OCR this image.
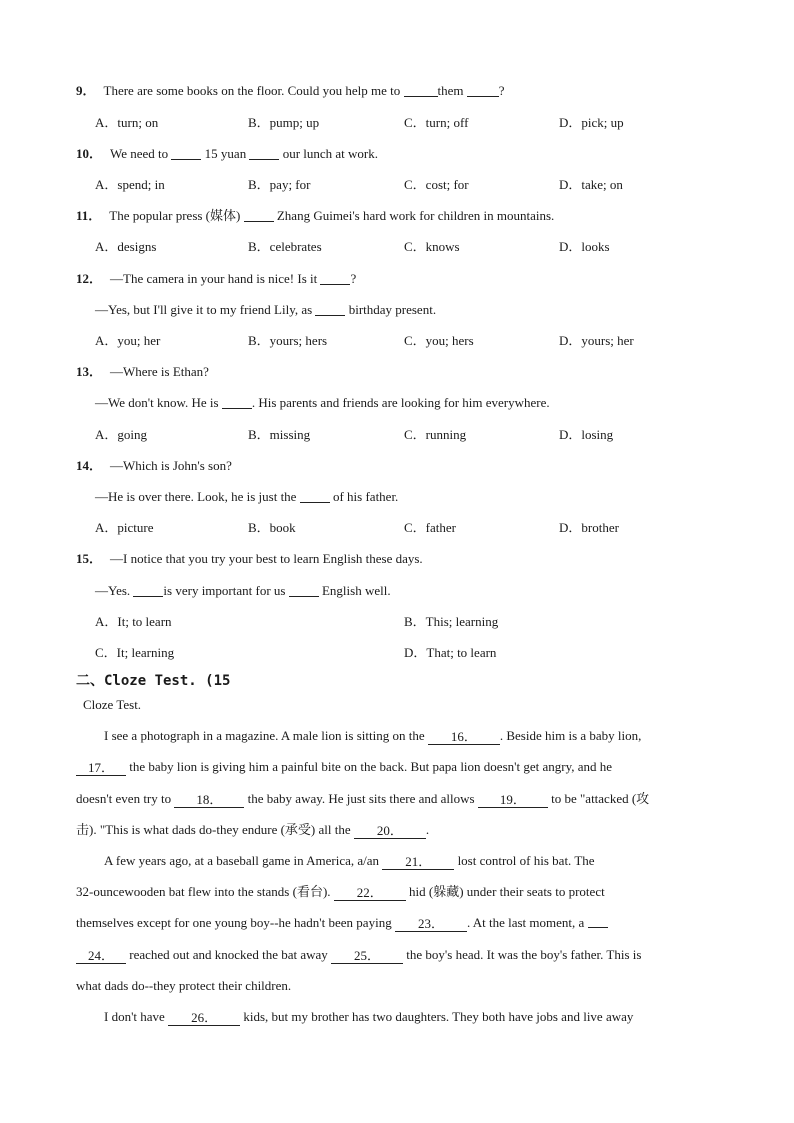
9． There are some books on the floor. Could you help me to	them ?
A．turn; on	B．pump; up	C．turn; off	D．pick; up
10． We need to  15 yuan  our lunch at work.
A．spend; in	B．pay; for	C．cost; for	D．take; on
11． The popular press (媒体)  Zhang Guimei's hard work for children in mountains.
A．designs	B．celebrates	C．knows	D．looks
12． —The camera in your hand is nice! Is it ?
—Yes, but I'll give it to my friend Lily, as  birthday present.
A．you; her	B．yours; hers	C．you; hers	D．yours; her
13． —Where is Ethan?
—We don't know. He is . His parents and friends are looking for him everywhere.
A．going	B．missing	C．running	D．losing
14． —Which is John's son?
—He is over there. Look, he is just the  of his father.
A．picture	B．book	C．father	D．brother
15． —I notice that you try your best to learn English these days.
—Yes. is very important for us  English well.
A．It; to learn	B．This; learning
C．It; learning	D．That; to learn
二、Cloze Test. (15
Cloze Test.
I see a photograph in a magazine. A male lion is sitting on the 16． . Beside him is a baby lion,
17． the baby lion is giving him a painful bite on the back. But papa lion doesn't get angry, and he
doesn't even try to 18． the baby away. He just sits there and allows 19． to be "attacked (攻
击). "This is what dads do-they endure (承受) all the 20． .
A few years ago, at a baseball game in America, a/an 21． lost control of his bat. The
32-ouncewooden bat flew into the stands (看台). 22． hid (躲藏) under their seats to protect
themselves except for one young boy--he hadn't been paying 23． . At the last moment, a
24． reached out and knocked the bat away 25． the boy's head. It was the boy's father. This is
what dads do--they protect their children.
I don't have 26． kids, but my brother has two daughters. They both have jobs and live away
